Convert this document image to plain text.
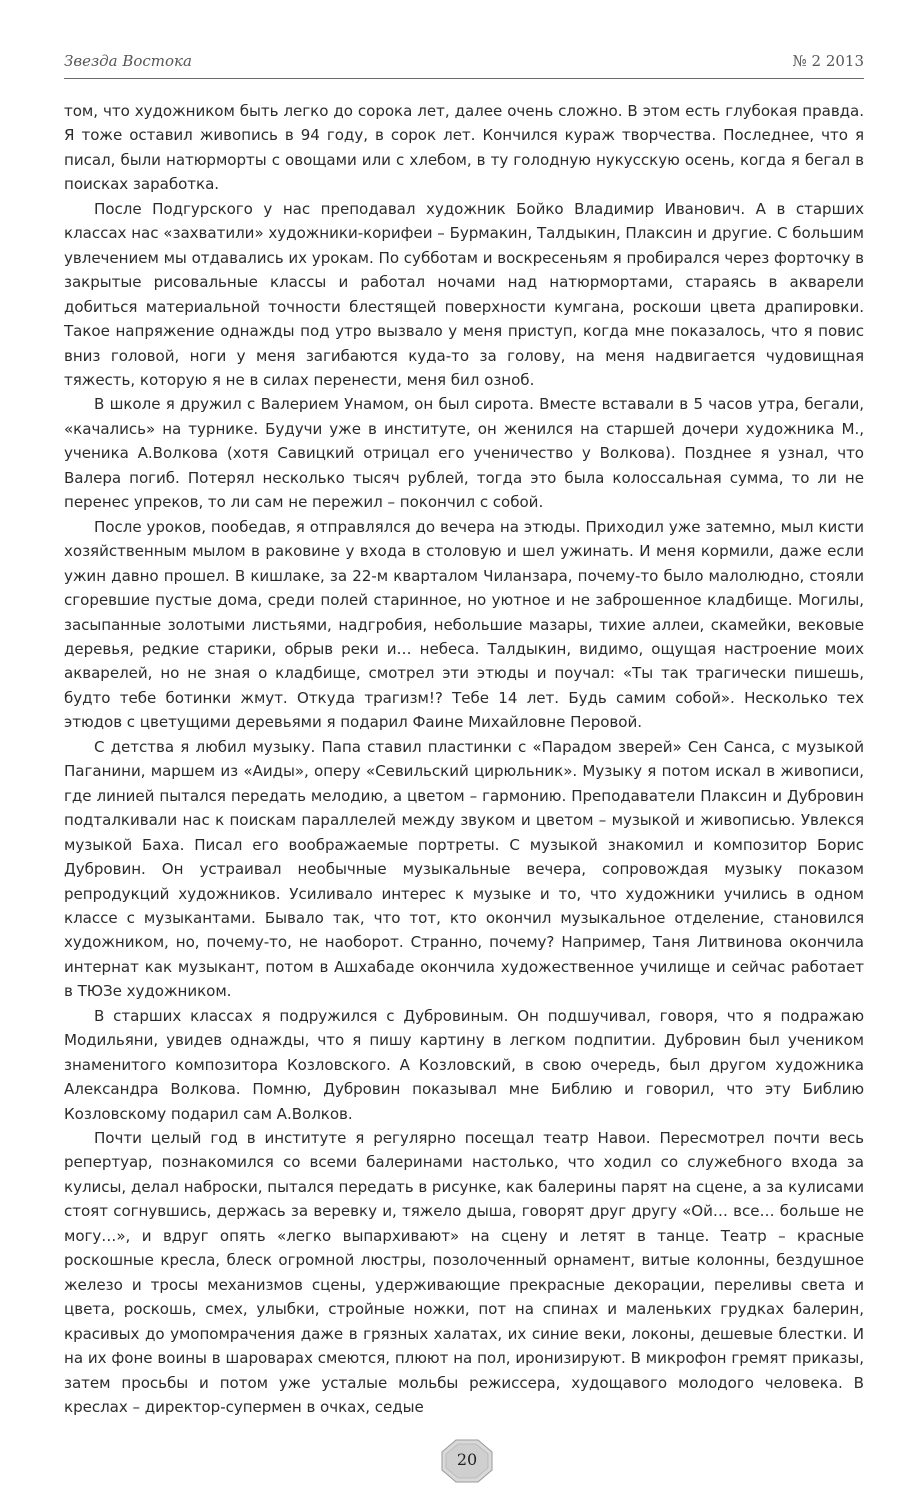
Звезда Востока	№ 2 2013

том, что художником быть легко до сорока лет, далее очень сложно. В этом есть глубокая правда. Я тоже оставил живопись в 94 году, в сорок лет. Кончился кураж творчества. Последнее, что я писал, были натюрморты с овощами или с хлебом, в ту голодную нукусскую осень, когда я бегал в поисках заработка.

После Подгурского у нас преподавал художник Бойко Владимир Иванович. А в старших классах нас «захватили» художники-корифеи – Бурмакин, Талдыкин, Плаксин и другие. С большим увлечением мы отдавались их урокам. По субботам и воскресеньям я пробирался через форточку в закрытые рисовальные классы и работал ночами над натюрмортами, стараясь в акварели добиться материальной точности блестящей поверхности кумгана, роскоши цвета драпировки. Такое напряжение однажды под утро вызвало у меня приступ, когда мне показалось, что я повис вниз головой, ноги у меня загибаются куда-то за голову, на меня надвигается чудовищная тяжесть, которую я не в силах перенести, меня бил озноб.

В школе я дружил с Валерием Унамом, он был сирота. Вместе вставали в 5 часов утра, бегали, «качались» на турнике. Будучи уже в институте, он женился на старшей дочери художника М., ученика А.Волкова (хотя Савицкий отрицал его ученичество у Волкова). Позднее я узнал, что Валера погиб. Потерял несколько тысяч рублей, тогда это была колоссальная сумма, то ли не перенес упреков, то ли сам не пережил – покончил с собой.

После уроков, пообедав, я отправлялся до вечера на этюды. Приходил уже затемно, мыл кисти хозяйственным мылом в раковине у входа в столовую и шел ужинать. И меня кормили, даже если ужин давно прошел. В кишлаке, за 22-м кварталом Чиланзара, почему-то было малолюдно, стояли сгоревшие пустые дома, среди полей старинное, но уютное и не заброшенное кладбище. Могилы, засыпанные золотыми листьями, надгробия, небольшие мазары, тихие аллеи, скамейки, вековые деревья, редкие старики, обрыв реки и… небеса. Талдыкин, видимо, ощущая настроение моих акварелей, но не зная о кладбище, смотрел эти этюды и поучал: «Ты так трагически пишешь, будто тебе ботинки жмут. Откуда трагизм!? Тебе 14 лет. Будь самим собой». Несколько тех этюдов с цветущими деревьями я подарил Фаине Михайловне Перовой.

С детства я любил музыку. Папа ставил пластинки с «Парадом зверей» Сен Санса, с музыкой Паганини, маршем из «Аиды», оперу «Севильский цирюльник». Музыку я потом искал в живописи, где линией пытался передать мелодию, а цветом – гармонию. Преподаватели Плаксин и Дубровин подталкивали нас к поискам параллелей между звуком и цветом – музыкой и живописью. Увлекся музыкой Баха. Писал его воображаемые портреты. С музыкой знакомил и композитор Борис Дубровин. Он устраивал необычные музыкальные вечера, сопровождая музыку показом репродукций художников. Усиливало интерес к музыке и то, что художники учились в одном классе с музыкантами. Бывало так, что тот, кто окончил музыкальное отделение, становился художником, но, почему-то, не наоборот. Странно, почему? Например, Таня Литвинова окончила интернат как музыкант, потом в Ашхабаде окончила художественное училище и сейчас работает в ТЮЗе художником.

В старших классах я подружился с Дубровиным. Он подшучивал, говоря, что я подражаю Модильяни, увидев однажды, что я пишу картину в легком подпитии. Дубровин был учеником знаменитого композитора Козловского. А Козловский, в свою очередь, был другом художника Александра Волкова. Помню, Дубровин показывал мне Библию и говорил, что эту Библию Козловскому подарил сам А.Волков.

Почти целый год в институте я регулярно посещал театр Навои. Пересмотрел почти весь репертуар, познакомился со всеми балеринами настолько, что ходил со служебного входа за кулисы, делал наброски, пытался передать в рисунке, как балерины парят на сцене, а за кулисами стоят согнувшись, держась за веревку и, тяжело дыша, говорят друг другу «Ой… все… больше не могу…», и вдруг опять «легко выпархивают» на сцену и летят в танце. Театр – красные роскошные кресла, блеск огромной люстры, позолоченный орнамент, витые колонны, бездушное железо и тросы механизмов сцены, удерживающие прекрасные декорации, переливы света и цвета, роскошь, смех, улыбки, стройные ножки, пот на спинах и маленьких грудках балерин, красивых до умопомрачения даже в грязных халатах, их синие веки, локоны, дешевые блестки. И на их фоне воины в шароварах смеются, плюют на пол, иронизируют. В микрофон гремят приказы, затем просьбы и потом уже усталые мольбы режиссера, худощавого молодого человека. В креслах – директор-супермен в очках, седые

20
